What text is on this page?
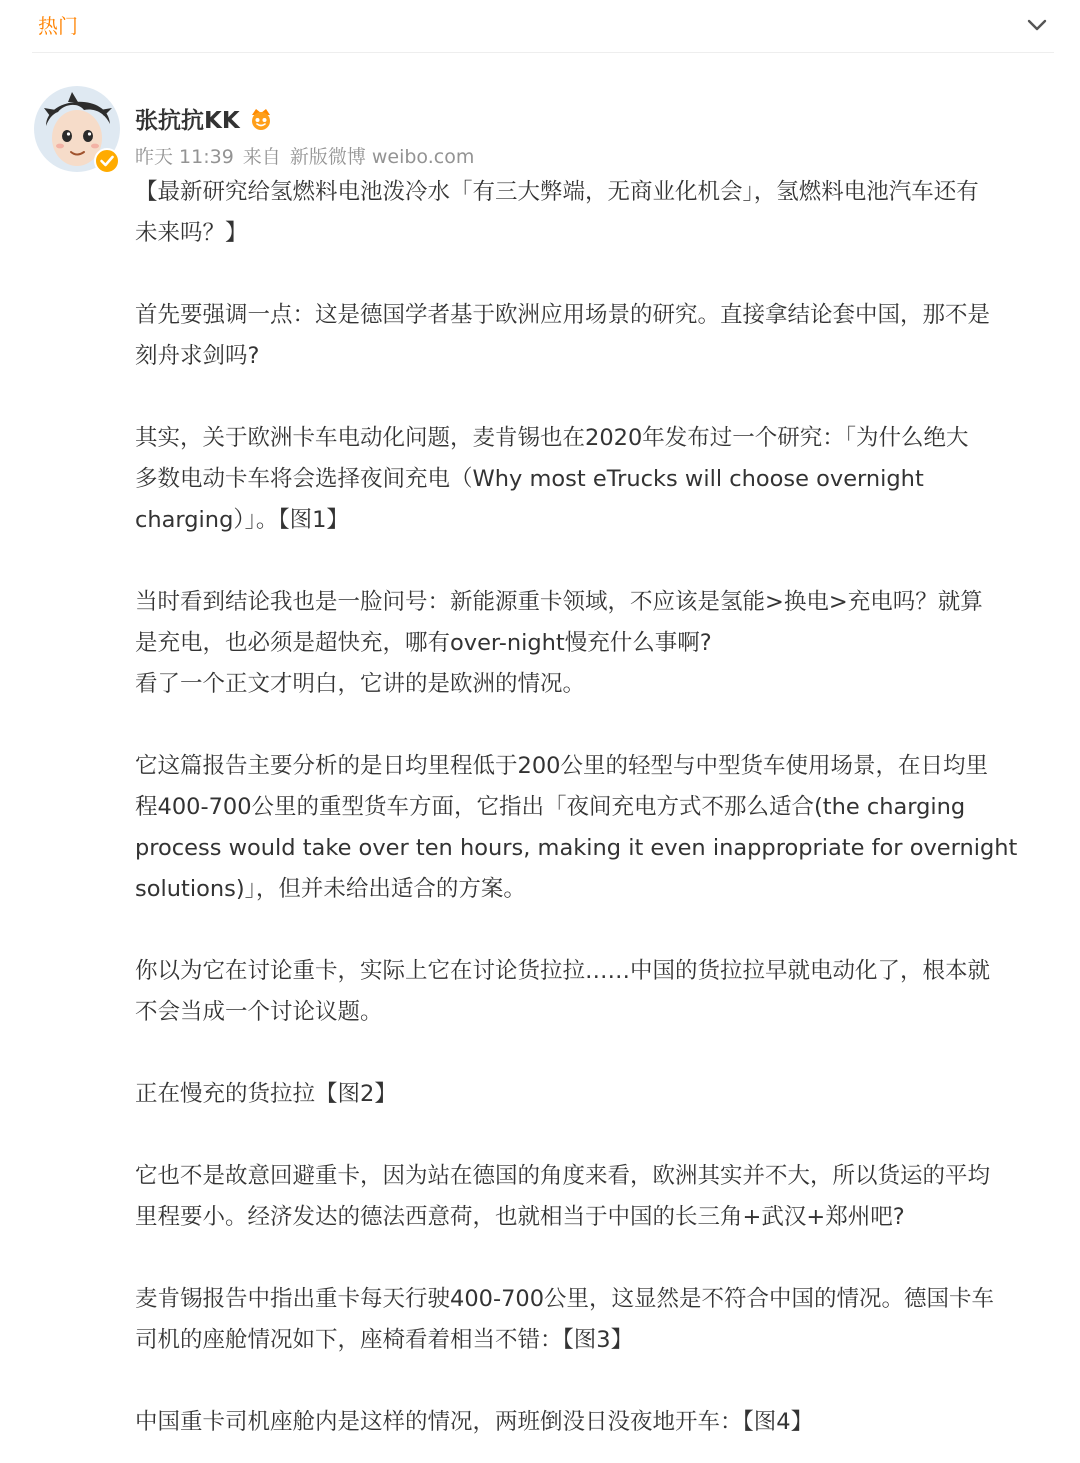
热门
张抗抗KK
昨天 11:39 来自 新版微博 weibo.com

【最新研究给氢燃料电池泼冷水「有三大弊端，无商业化机会」，氢燃料电池汽车还有
未来吗？】

首先要强调一点：这是德国学者基于欧洲应用场景的研究。直接拿结论套中国，那不是
刻舟求剑吗?

其实，关于欧洲卡车电动化问题，麦肯锡也在2020年发布过一个研究：「为什么绝大
多数电动卡车将会选择夜间充电（Why most eTrucks will choose overnight
charging）」。【图1】

当时看到结论我也是一脸问号：新能源重卡领域，不应该是氢能>换电>充电吗？就算
是充电，也必须是超快充，哪有over-night慢充什么事啊?
看了一个正文才明白，它讲的是欧洲的情况。

它这篇报告主要分析的是日均里程低于200公里的轻型与中型货车使用场景，在日均里
程400-700公里的重型货车方面，它指出「夜间充电方式不那么适合(the charging
process would take over ten hours, making it even inappropriate for overnight
solutions)」，但并未给出适合的方案。

你以为它在讨论重卡，实际上它在讨论货拉拉……中国的货拉拉早就电动化了，根本就
不会当成一个讨论议题。

正在慢充的货拉拉【图2】

它也不是故意回避重卡，因为站在德国的角度来看，欧洲其实并不大，所以货运的平均
里程要小。经济发达的德法西意荷，也就相当于中国的长三角+武汉+郑州吧?

麦肯锡报告中指出重卡每天行驶400-700公里，这显然是不符合中国的情况。德国卡车
司机的座舱情况如下，座椅看着相当不错：【图3】

中国重卡司机座舱内是这样的情况，两班倒没日没夜地开车：【图4】
